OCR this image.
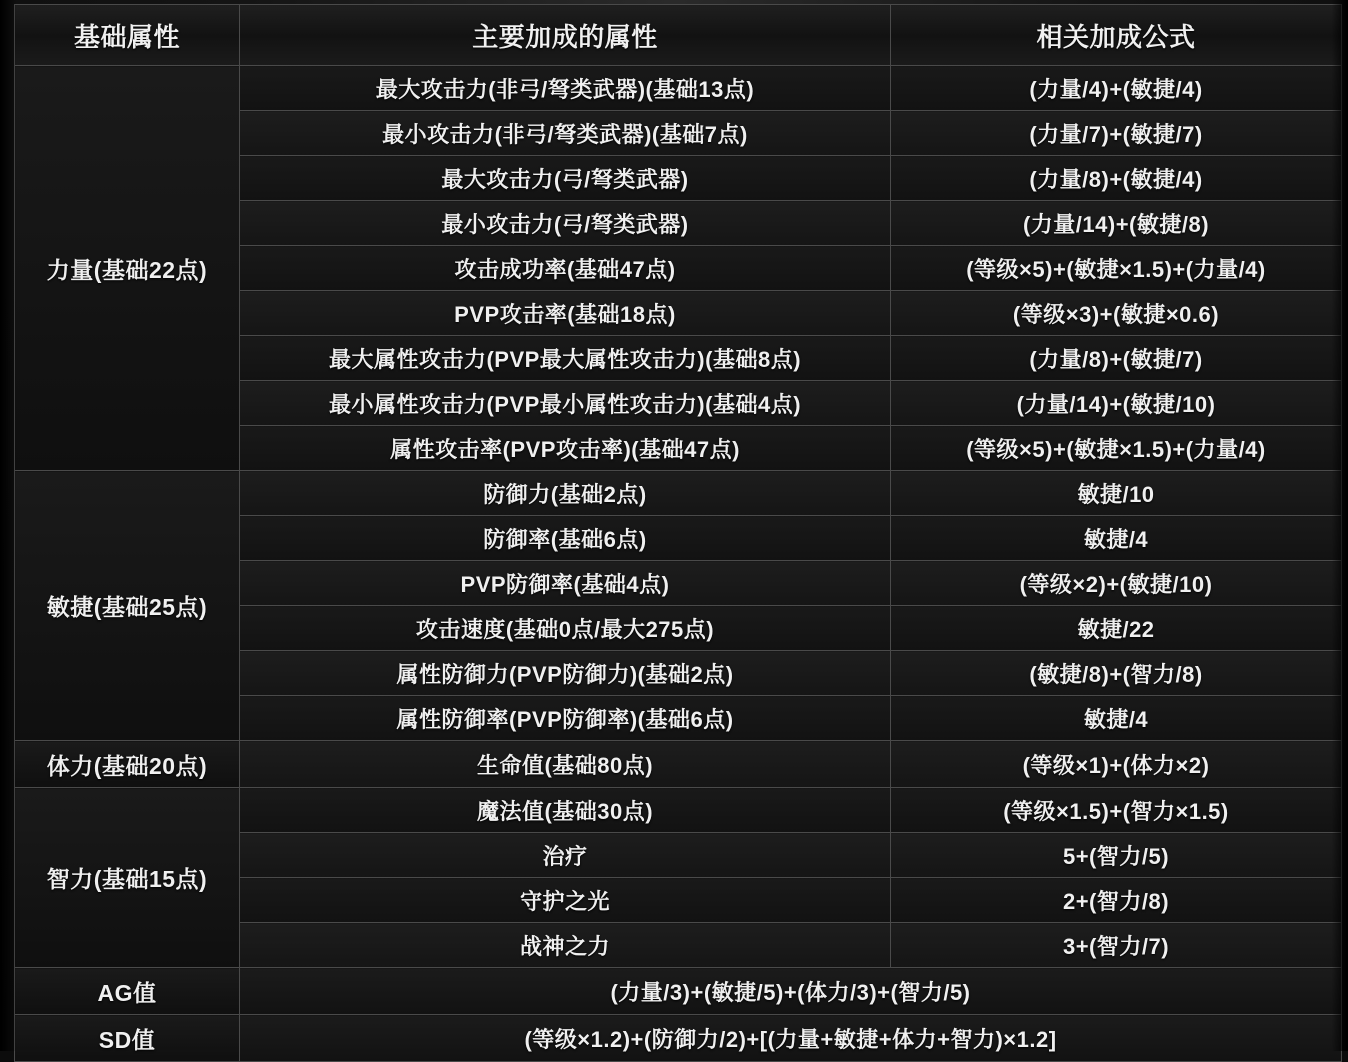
基础属性	主要加成的属性	相关加成公式
力量(基础22点)	最大攻击力(非弓/弩类武器)(基础13点)	(力量/4)+(敏捷/4)
	最小攻击力(非弓/弩类武器)(基础7点)	(力量/7)+(敏捷/7)
	最大攻击力(弓/弩类武器)	(力量/8)+(敏捷/4)
	最小攻击力(弓/弩类武器)	(力量/14)+(敏捷/8)
	攻击成功率(基础47点)	(等级×5)+(敏捷×1.5)+(力量/4)
	PVP攻击率(基础18点)	(等级×3)+(敏捷×0.6)
	最大属性攻击力(PVP最大属性攻击力)(基础8点)	(力量/8)+(敏捷/7)
	最小属性攻击力(PVP最小属性攻击力)(基础4点)	(力量/14)+(敏捷/10)
	属性攻击率(PVP攻击率)(基础47点)	(等级×5)+(敏捷×1.5)+(力量/4)
敏捷(基础25点)	防御力(基础2点)	敏捷/10
	防御率(基础6点)	敏捷/4
	PVP防御率(基础4点)	(等级×2)+(敏捷/10)
	攻击速度(基础0点/最大275点)	敏捷/22
	属性防御力(PVP防御力)(基础2点)	(敏捷/8)+(智力/8)
	属性防御率(PVP防御率)(基础6点)	敏捷/4
体力(基础20点)	生命值(基础80点)	(等级×1)+(体力×2)
智力(基础15点)	魔法值(基础30点)	(等级×1.5)+(智力×1.5)
	治疗	5+(智力/5)
	守护之光	2+(智力/8)
	战神之力	3+(智力/7)
AG值	(力量/3)+(敏捷/5)+(体力/3)+(智力/5)	
SD值	(等级×1.2)+(防御力/2)+[(力量+敏捷+体力+智力)×1.2]	
